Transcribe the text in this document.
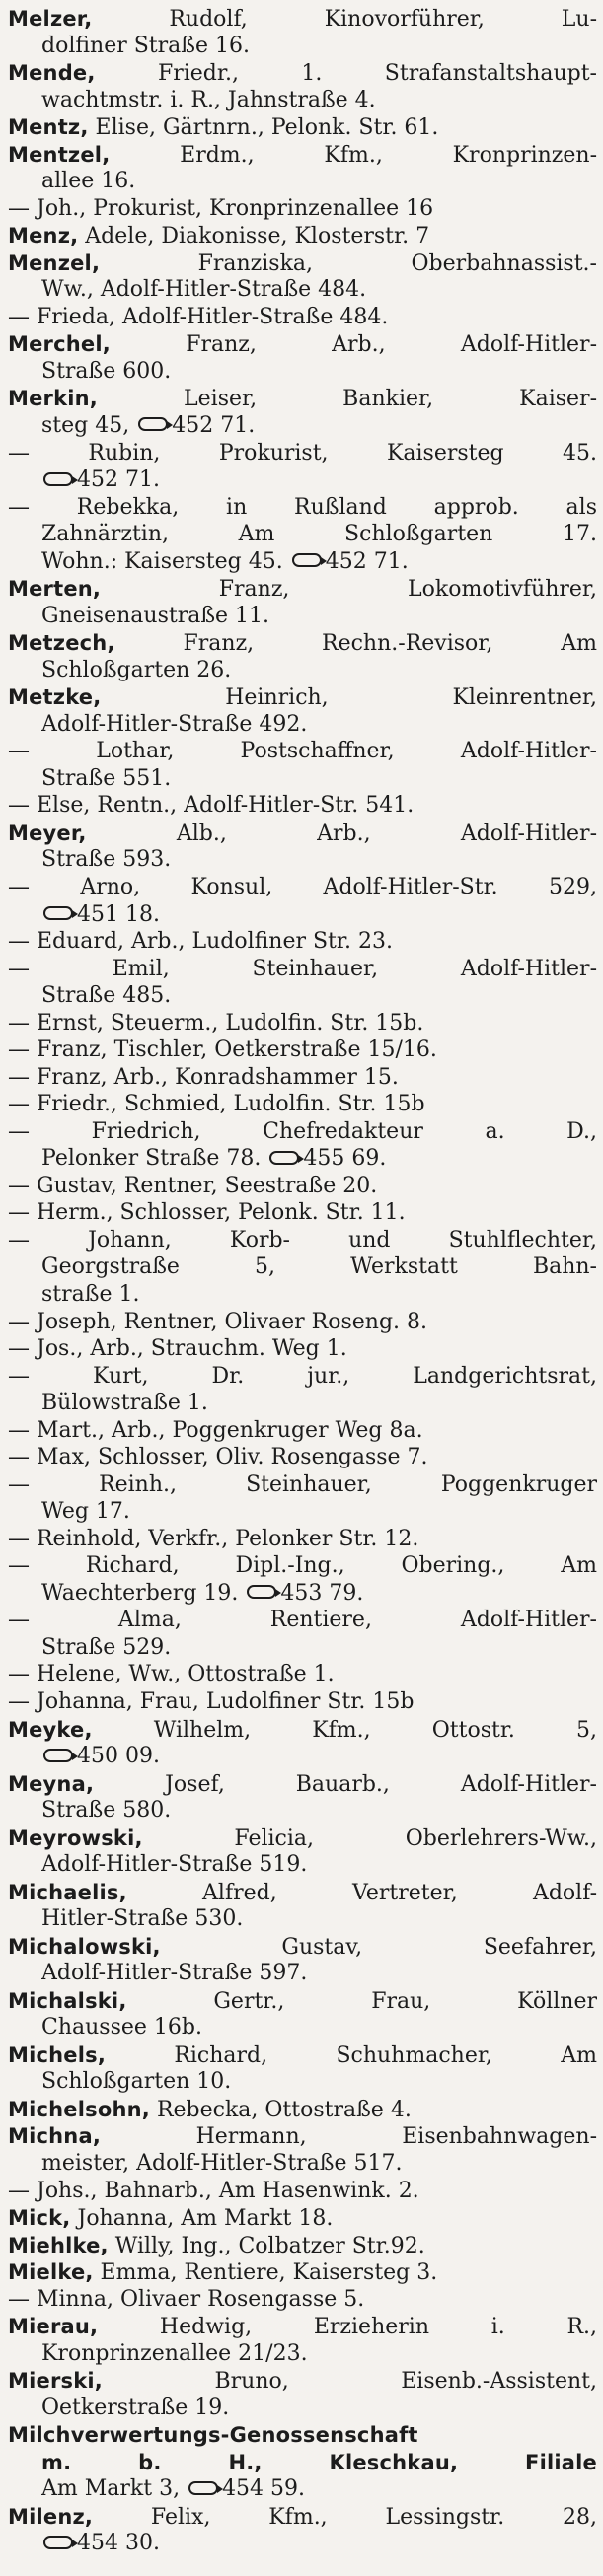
Melzer, Rudolf, Kinovorführer, Lu-
dolfiner Straße 16.
Mende, Friedr., 1. Strafanstaltshaupt-
wachtmstr. i. R., Jahnstraße 4.
Mentz, Elise, Gärtnrn., Pelonk. Str. 61.
Mentzel, Erdm., Kfm., Kronprinzen-
allee 16.
— Joh., Prokurist, Kronprinzenallee 16
Menz, Adele, Diakonisse, Klosterstr. 7
Menzel, Franziska, Oberbahnassist.-
Ww., Adolf-Hitler-Straße 484.
— Frieda, Adolf-Hitler-Straße 484.
Merchel, Franz, Arb., Adolf-Hitler-
Straße 600.
Merkin, Leiser, Bankier, Kaiser-
steg 45, 452 71.
— Rubin, Prokurist, Kaisersteg 45.
452 71.
— Rebekka, in Rußland approb. als
Zahnärztin, Am Schloßgarten 17.
Wohn.: Kaisersteg 45. 452 71.
Merten, Franz, Lokomotivführer,
Gneisenaustraße 11.
Metzech, Franz, Rechn.-Revisor, Am
Schloßgarten 26.
Metzke, Heinrich, Kleinrentner,
Adolf-Hitler-Straße 492.
— Lothar, Postschaffner, Adolf-Hitler-
Straße 551.
— Else, Rentn., Adolf-Hitler-Str. 541.
Meyer, Alb., Arb., Adolf-Hitler-
Straße 593.
— Arno, Konsul, Adolf-Hitler-Str. 529,
451 18.
— Eduard, Arb., Ludolfiner Str. 23.
— Emil, Steinhauer, Adolf-Hitler-
Straße 485.
— Ernst, Steuerm., Ludolfin. Str. 15b.
— Franz, Tischler, Oetkerstraße 15/16.
— Franz, Arb., Konradshammer 15.
— Friedr., Schmied, Ludolfin. Str. 15b
— Friedrich, Chefredakteur a. D.,
Pelonker Straße 78. 455 69.
— Gustav, Rentner, Seestraße 20.
— Herm., Schlosser, Pelonk. Str. 11.
— Johann, Korb- und Stuhlflechter,
Georgstraße 5, Werkstatt Bahn-
straße 1.
— Joseph, Rentner, Olivaer Roseng. 8.
— Jos., Arb., Strauchm. Weg 1.
— Kurt, Dr. jur., Landgerichtsrat,
Bülowstraße 1.
— Mart., Arb., Poggenkruger Weg 8a.
— Max, Schlosser, Oliv. Rosengasse 7.
— Reinh., Steinhauer, Poggenkruger
Weg 17.
— Reinhold, Verkfr., Pelonker Str. 12.
— Richard, Dipl.-Ing., Obering., Am
Waechterberg 19. 453 79.
— Alma, Rentiere, Adolf-Hitler-
Straße 529.
— Helene, Ww., Ottostraße 1.
— Johanna, Frau, Ludolfiner Str. 15b
Meyke, Wilhelm, Kfm., Ottostr. 5,
450 09.
Meyna, Josef, Bauarb., Adolf-Hitler-
Straße 580.
Meyrowski, Felicia, Oberlehrers-Ww.,
Adolf-Hitler-Straße 519.
Michaelis, Alfred, Vertreter, Adolf-
Hitler-Straße 530.
Michalowski, Gustav, Seefahrer,
Adolf-Hitler-Straße 597.
Michalski, Gertr., Frau, Köllner
Chaussee 16b.
Michels, Richard, Schuhmacher, Am
Schloßgarten 10.
Michelsohn, Rebecka, Ottostraße 4.
Michna, Hermann, Eisenbahnwagen-
meister, Adolf-Hitler-Straße 517.
— Johs., Bahnarb., Am Hasenwink. 2.
Mick, Johanna, Am Markt 18.
Miehlke, Willy, Ing., Colbatzer Str.92.
Mielke, Emma, Rentiere, Kaisersteg 3.
— Minna, Olivaer Rosengasse 5.
Mierau, Hedwig, Erzieherin i. R.,
Kronprinzenallee 21/23.
Mierski, Bruno, Eisenb.-Assistent,
Oetkerstraße 19.
Milchverwertungs-Genossenschaft
m. b. H., Kleschkau, Filiale
Am Markt 3, 454 59.
Milenz, Felix, Kfm., Lessingstr. 28,
454 30.
